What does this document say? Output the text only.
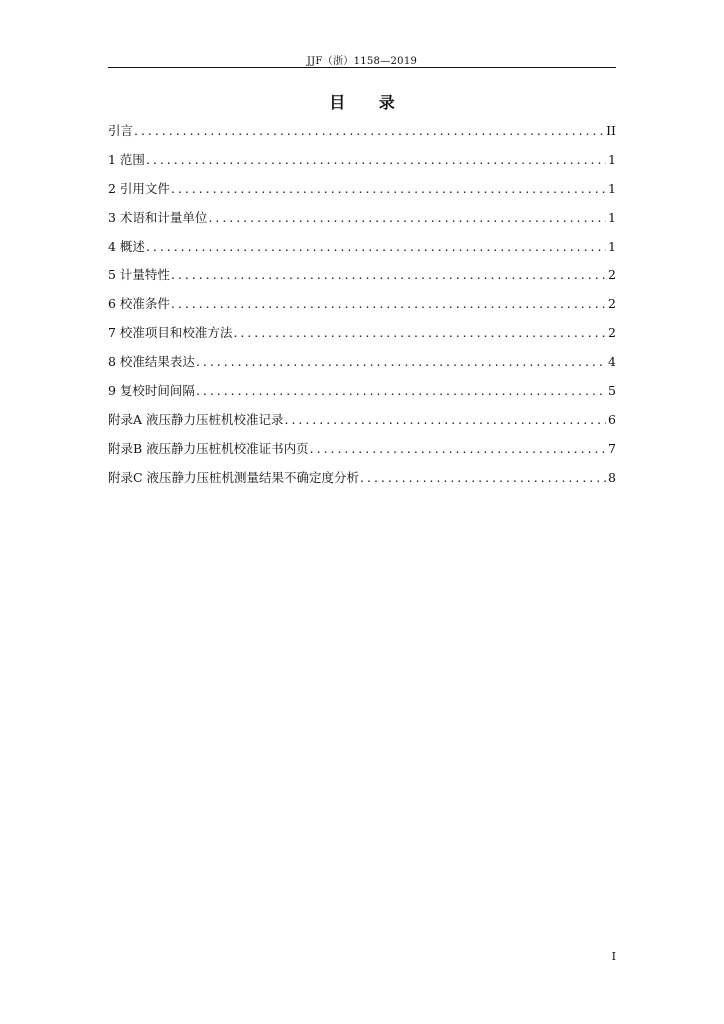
JJF（浙）1158—2019
目 录
引言 . . .	II
1 范围 . . .	1
2 引用文件 . . .	1
3 术语和计量单位 . . .	1
4 概述 . . .	1
5 计量特性 . . .	2
6 校准条件 . . .	2
7 校准项目和校准方法 . . .	2
8 校准结果表达 . . .	4
9 复校时间间隔 . . .	5
附录A 液压静力压桩机校准记录 . . .	6
附录B 液压静力压桩机校准证书内页 . . .	7
附录C 液压静力压桩机测量结果不确定度分析 . . .	8
I
